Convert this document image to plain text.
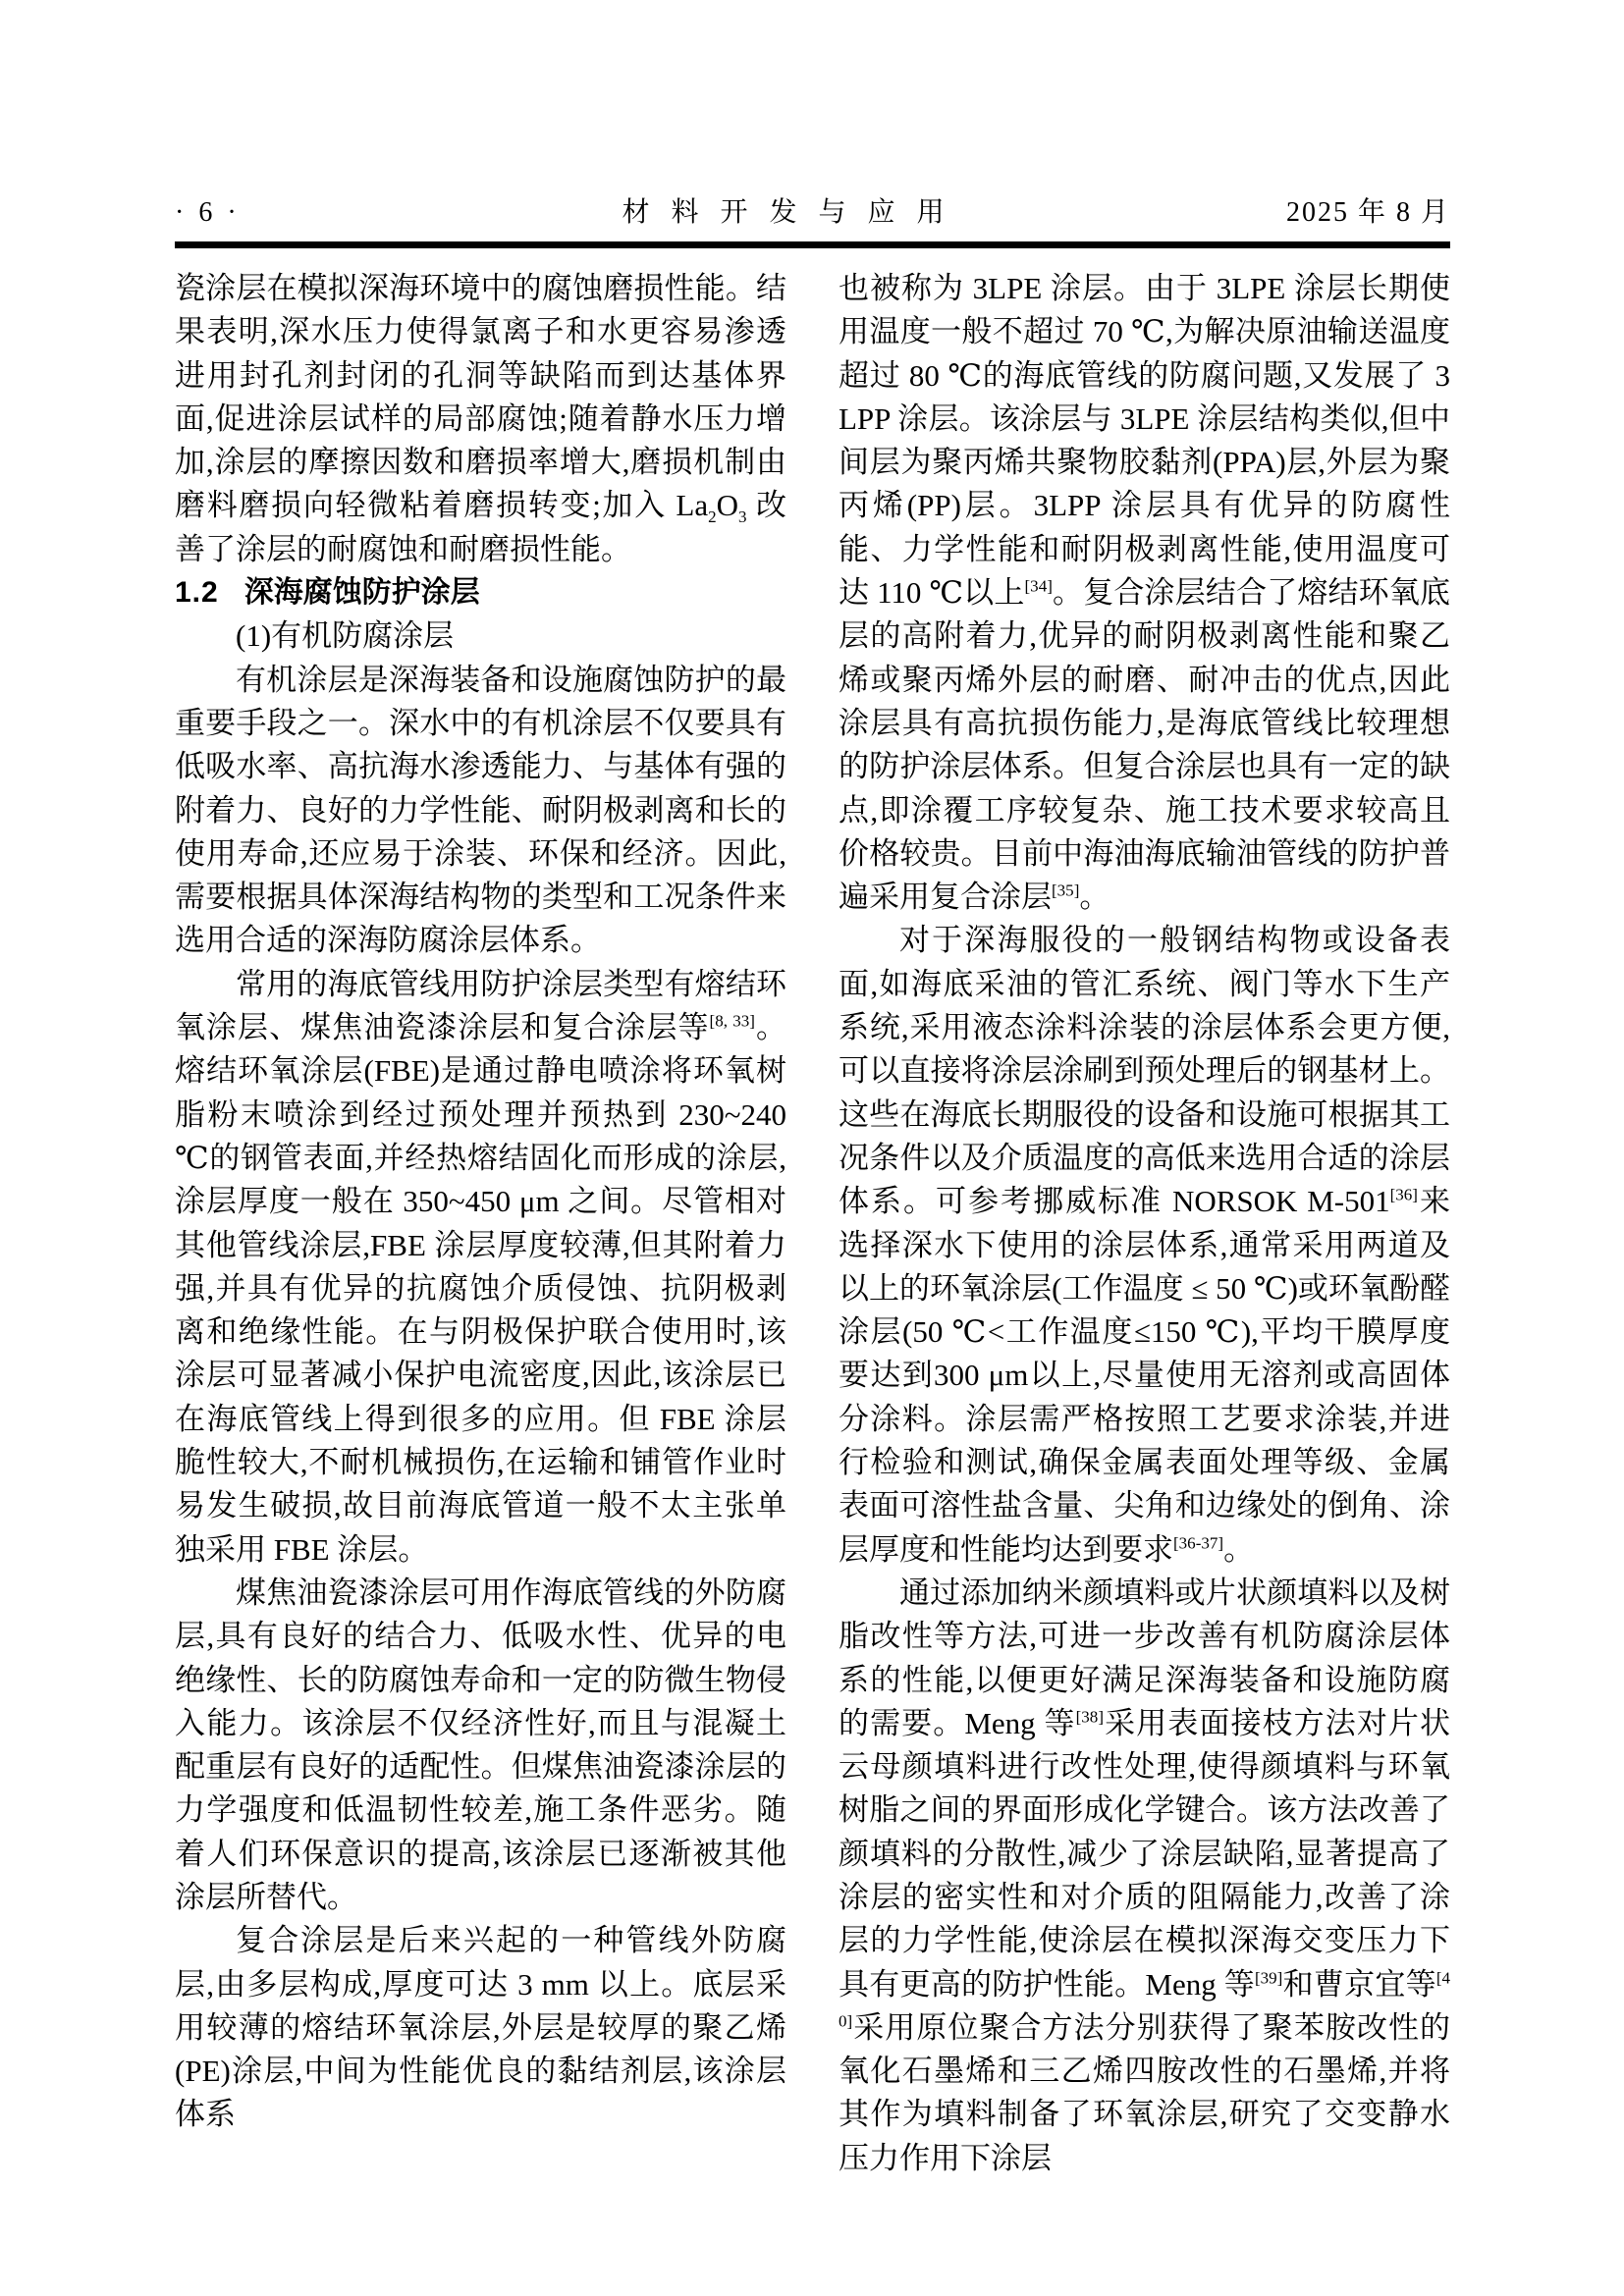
· 6 ·	材料开发与应用	2025 年 8 月

瓷涂层在模拟深海环境中的腐蚀磨损性能。结果表明,深水压力使得氯离子和水更容易渗透进用封孔剂封闭的孔洞等缺陷而到达基体界面,促进涂层试样的局部腐蚀;随着静水压力增加,涂层的摩擦因数和磨损率增大,磨损机制由磨料磨损向轻微粘着磨损转变;加入 $La_2O_3$ 改善了涂层的耐腐蚀和耐磨损性能。

1.2 深海腐蚀防护涂层

(1)有机防腐涂层

有机涂层是深海装备和设施腐蚀防护的最重要手段之一。深水中的有机涂层不仅要具有低吸水率、高抗海水渗透能力、与基体有强的附着力、良好的力学性能、耐阴极剥离和长的使用寿命,还应易于涂装、环保和经济。因此,需要根据具体深海结构物的类型和工况条件来选用合适的深海防腐涂层体系。

常用的海底管线用防护涂层类型有熔结环氧涂层、煤焦油瓷漆涂层和复合涂层等[8, 33]。熔结环氧涂层(FBE)是通过静电喷涂将环氧树脂粉末喷涂到经过预处理并预热到 230~240 ℃的钢管表面,并经热熔结固化而形成的涂层,涂层厚度一般在 350~450 μm 之间。尽管相对其他管线涂层,FBE 涂层厚度较薄,但其附着力强,并具有优异的抗腐蚀介质侵蚀、抗阴极剥离和绝缘性能。在与阴极保护联合使用时,该涂层可显著减小保护电流密度,因此,该涂层已在海底管线上得到很多的应用。但 FBE 涂层脆性较大,不耐机械损伤,在运输和铺管作业时易发生破损,故目前海底管道一般不太主张单独采用 FBE 涂层。

煤焦油瓷漆涂层可用作海底管线的外防腐层,具有良好的结合力、低吸水性、优异的电绝缘性、长的防腐蚀寿命和一定的防微生物侵入能力。该涂层不仅经济性好,而且与混凝土配重层有良好的适配性。但煤焦油瓷漆涂层的力学强度和低温韧性较差,施工条件恶劣。随着人们环保意识的提高,该涂层已逐渐被其他涂层所替代。

复合涂层是后来兴起的一种管线外防腐层,由多层构成,厚度可达 3 mm 以上。底层采用较薄的熔结环氧涂层,外层是较厚的聚乙烯(PE)涂层,中间为性能优良的黏结剂层,该涂层体系

也被称为 3LPE 涂层。由于 3LPE 涂层长期使用温度一般不超过 70 ℃,为解决原油输送温度超过 80 ℃的海底管线的防腐问题,又发展了 3LPP 涂层。该涂层与 3LPE 涂层结构类似,但中间层为聚丙烯共聚物胶黏剂(PPA)层,外层为聚丙烯(PP)层。3LPP 涂层具有优异的防腐性能、力学性能和耐阴极剥离性能,使用温度可达 110 ℃以上[34]。复合涂层结合了熔结环氧底层的高附着力,优异的耐阴极剥离性能和聚乙烯或聚丙烯外层的耐磨、耐冲击的优点,因此涂层具有高抗损伤能力,是海底管线比较理想的防护涂层体系。但复合涂层也具有一定的缺点,即涂覆工序较复杂、施工技术要求较高且价格较贵。目前中海油海底输油管线的防护普遍采用复合涂层[35]。

对于深海服役的一般钢结构物或设备表面,如海底采油的管汇系统、阀门等水下生产系统,采用液态涂料涂装的涂层体系会更方便,可以直接将涂层涂刷到预处理后的钢基材上。这些在海底长期服役的设备和设施可根据其工况条件以及介质温度的高低来选用合适的涂层体系。可参考挪威标准 NORSOK M-501[36]来选择深水下使用的涂层体系,通常采用两道及以上的环氧涂层(工作温度 ≤ 50 ℃)或环氧酚醛涂层(50 ℃<工作温度≤150 ℃),平均干膜厚度要达到300 μm以上,尽量使用无溶剂或高固体分涂料。涂层需严格按照工艺要求涂装,并进行检验和测试,确保金属表面处理等级、金属表面可溶性盐含量、尖角和边缘处的倒角、涂层厚度和性能均达到要求[36-37]。

通过添加纳米颜填料或片状颜填料以及树脂改性等方法,可进一步改善有机防腐涂层体系的性能,以便更好满足深海装备和设施防腐的需要。Meng 等[38]采用表面接枝方法对片状云母颜填料进行改性处理,使得颜填料与环氧树脂之间的界面形成化学键合。该方法改善了颜填料的分散性,减少了涂层缺陷,显著提高了涂层的密实性和对介质的阻隔能力,改善了涂层的力学性能,使涂层在模拟深海交变压力下具有更高的防护性能。Meng 等[39]和曹京宜等[40]采用原位聚合方法分别获得了聚苯胺改性的氧化石墨烯和三乙烯四胺改性的石墨烯,并将其作为填料制备了环氧涂层,研究了交变静水压力作用下涂层
